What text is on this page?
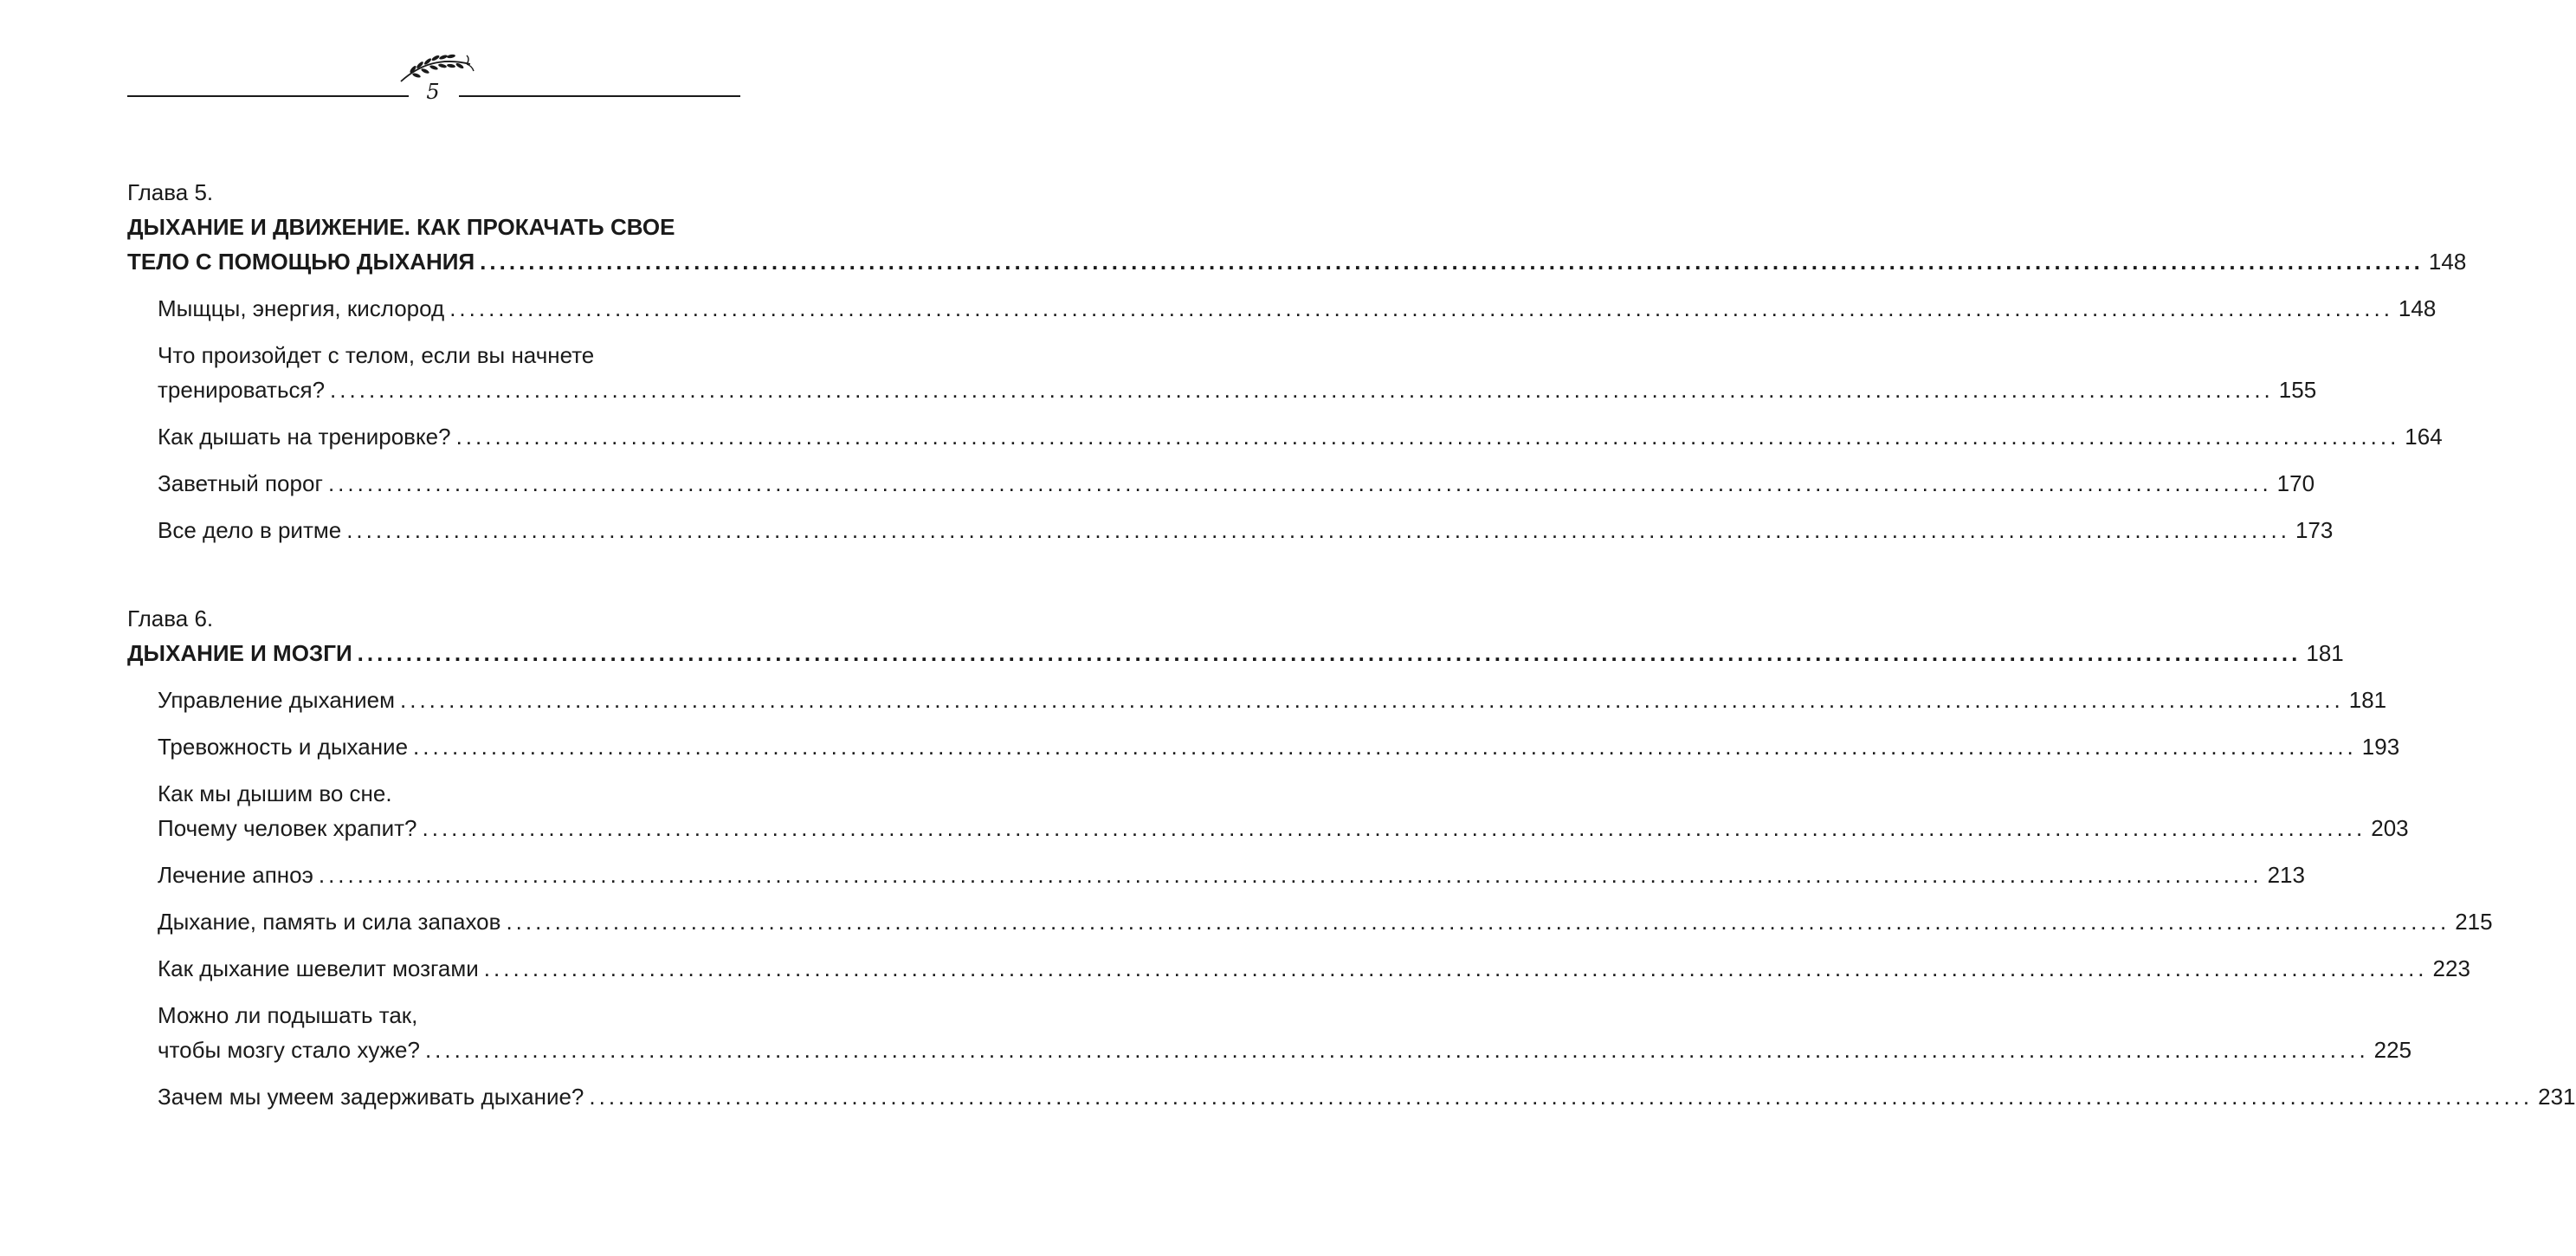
5
Глава 5.
ДЫХАНИЕ И ДВИЖЕНИЕ. КАК ПРОКАЧАТЬ СВОЕ
ТЕЛО С ПОМОЩЬЮ ДЫХАНИЯ ........................................................................................................................................................................................................ 148
Мыщцы, энергия, кислород ........................................................................................................................................................................................................ 148
Что произойдет с телом, если вы начнете
тренироваться? ........................................................................................................................................................................................................ 155
Как дышать на тренировке? ........................................................................................................................................................................................................ 164
Заветный порог ........................................................................................................................................................................................................ 170
Все дело в ритме ........................................................................................................................................................................................................ 173
Глава 6.
ДЫХАНИЕ И МОЗГИ ........................................................................................................................................................................................................ 181
Управление дыханием ........................................................................................................................................................................................................ 181
Тревожность и дыхание ........................................................................................................................................................................................................ 193
Как мы дышим во сне.
Почему человек храпит? ........................................................................................................................................................................................................ 203
Лечение апноэ ........................................................................................................................................................................................................ 213
Дыхание, память и сила запахов ........................................................................................................................................................................................................ 215
Как дыхание шевелит мозгами ........................................................................................................................................................................................................ 223
Можно ли подышать так,
чтобы мозгу стало хуже? ........................................................................................................................................................................................................ 225
Зачем мы умеем задерживать дыхание? ........................................................................................................................................................................................................ 231
